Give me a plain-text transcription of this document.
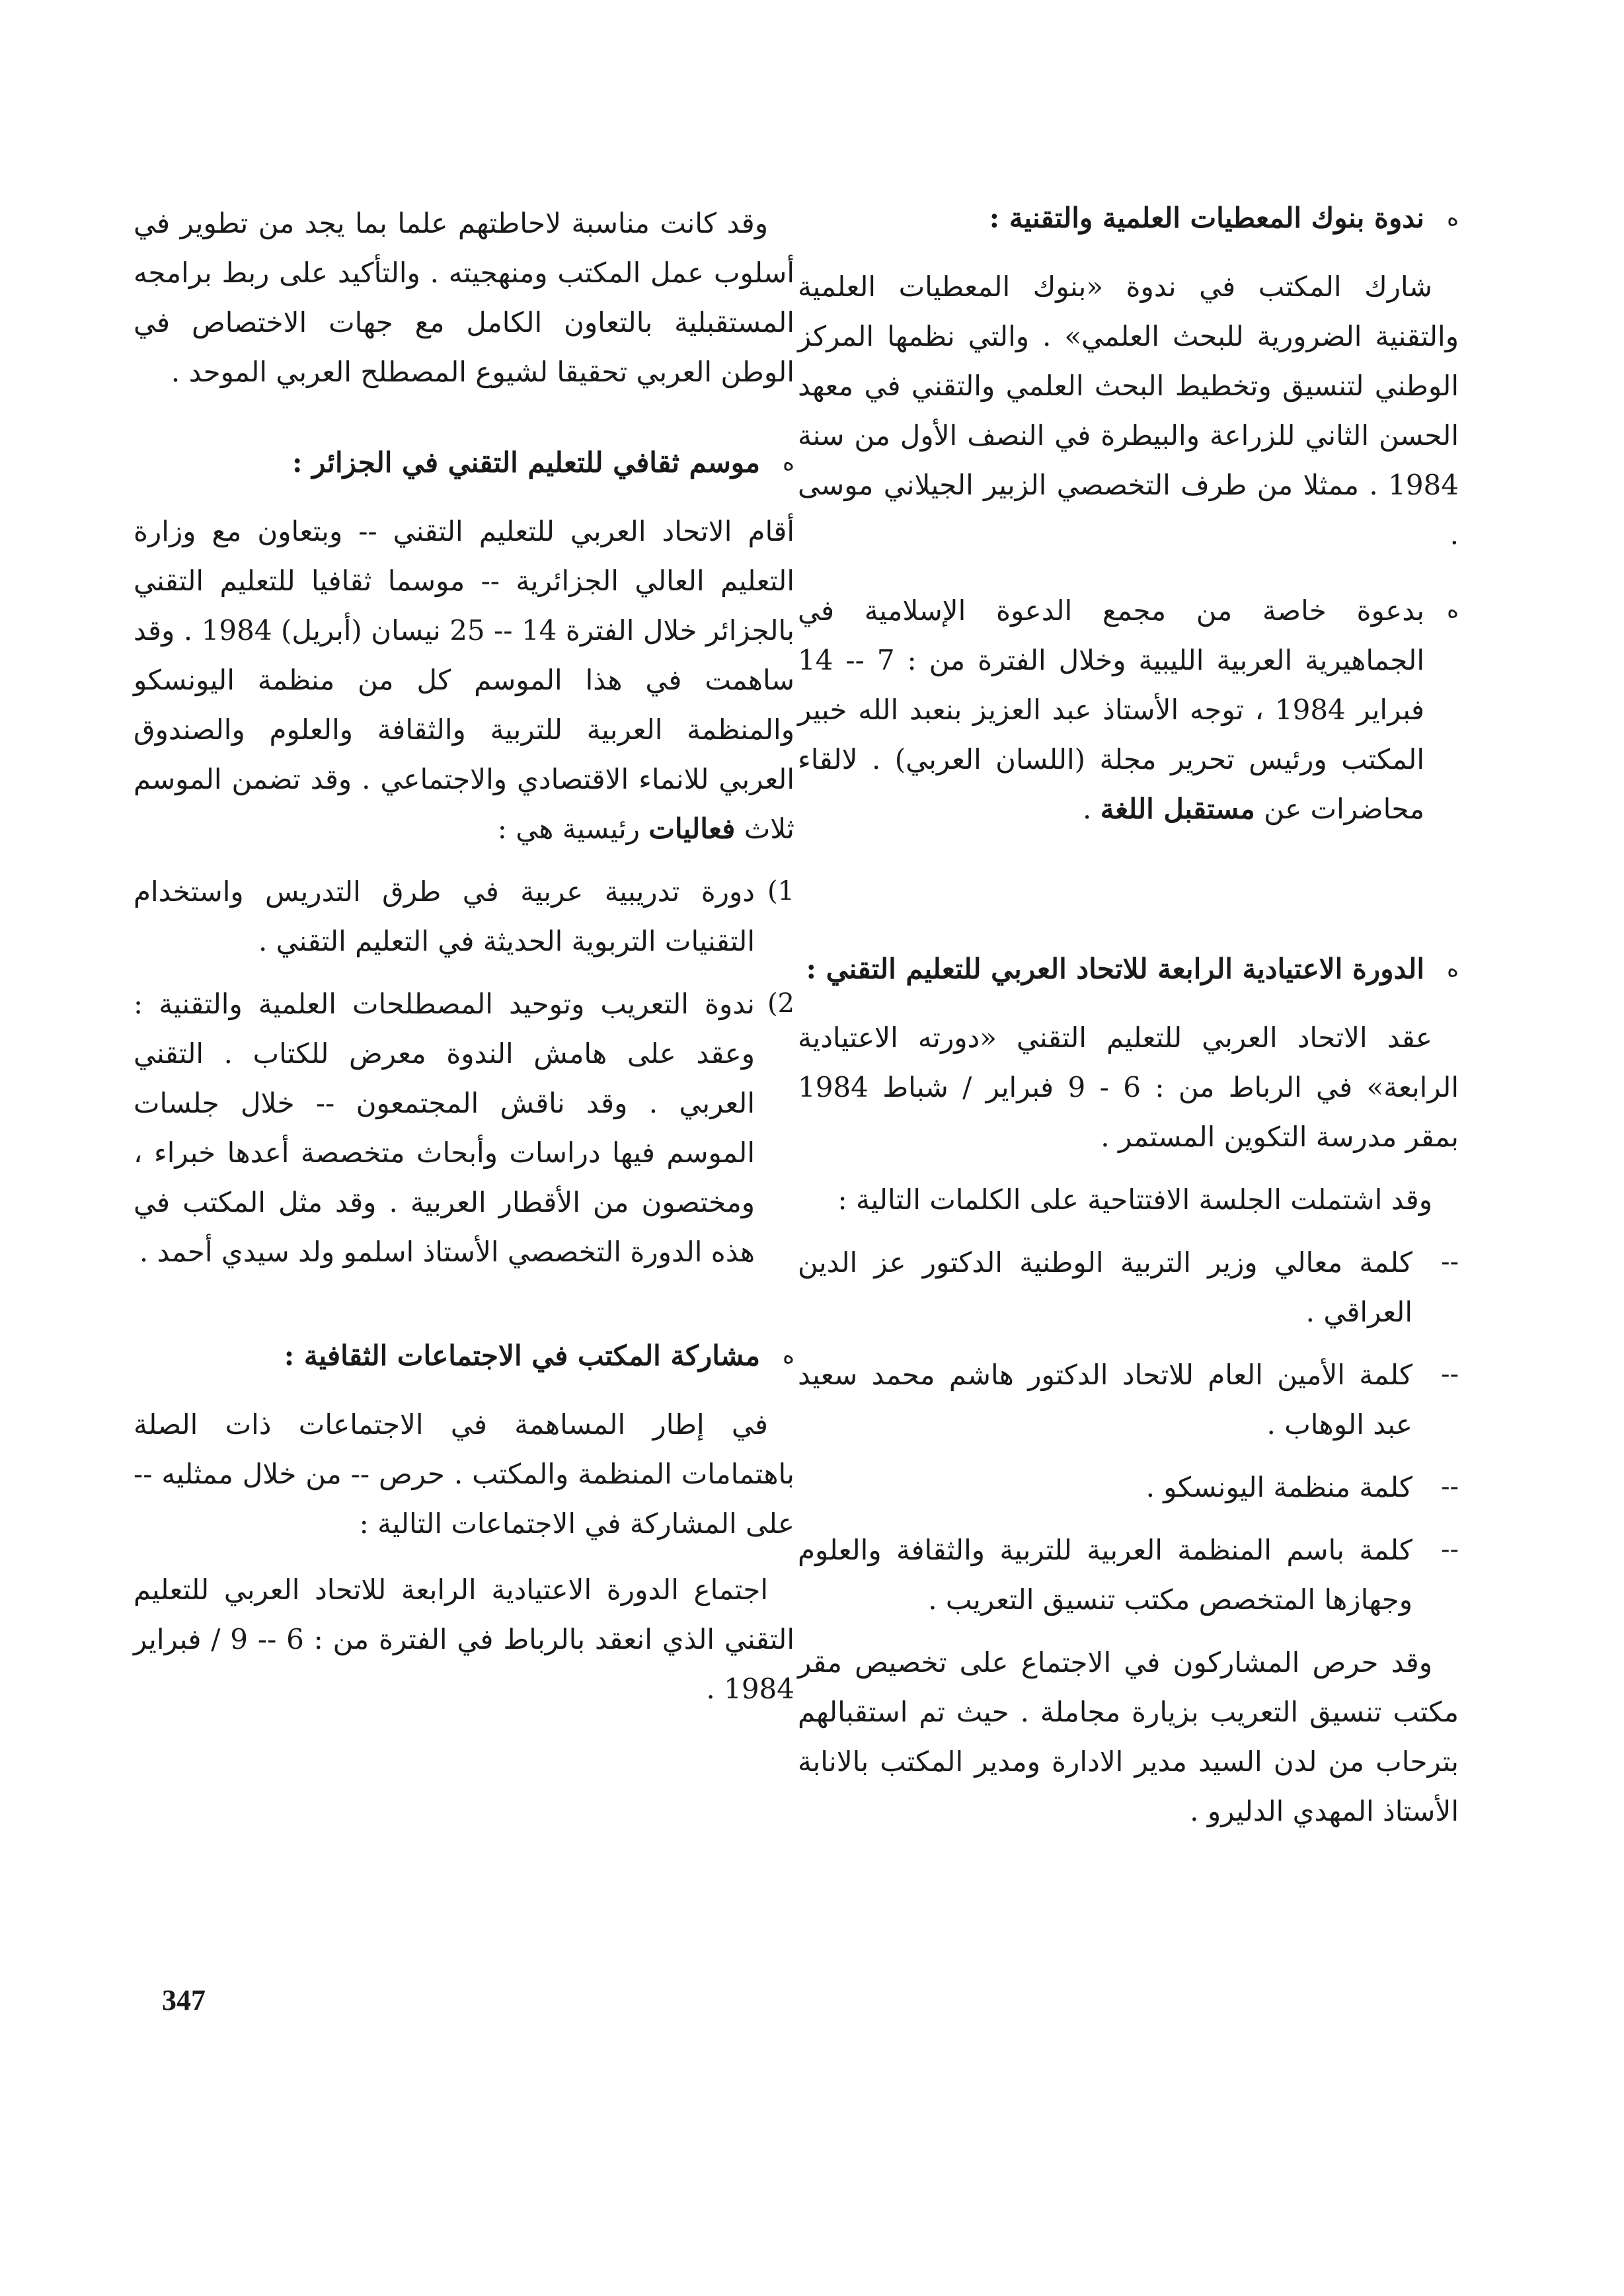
ه
ندوة بنوك المعطيات العلمية والتقنية :

شارك المكتب في ندوة «بنوك المعطيات العلمية والتقنية الضرورية للبحث العلمي» . والتي نظمها المركز الوطني لتنسيق وتخطيط البحث العلمي والتقني في معهد الحسن الثاني للزراعة والبيطرة في النصف الأول من سنة 1984 . ممثلا من طرف التخصصي الزبير الجيلاني موسى .

ه
بدعوة خاصة من مجمع الدعوة الإسلامية في الجماهيرية العربية الليبية وخلال الفترة من : 7 -- 14 فبراير 1984 ، توجه الأستاذ عبد العزيز بنعبد الله خبير المكتب ورئيس تحرير مجلة (اللسان العربي) . لالقاء محاضرات عن مستقبل اللغة .

ه
الدورة الاعتيادية الرابعة للاتحاد العربي للتعليم التقني :

عقد الاتحاد العربي للتعليم التقني «دورته الاعتيادية الرابعة» في الرباط من : 6 - 9 فبراير / شباط 1984 بمقر مدرسة التكوين المستمر .

وقد اشتملت الجلسة الافتتاحية على الكلمات التالية :

--
كلمة معالي وزير التربية الوطنية الدكتور عز الدين العراقي .

--
كلمة الأمين العام للاتحاد الدكتور هاشم محمد سعيد عبد الوهاب .

--
كلمة منظمة اليونسكو .

--
كلمة باسم المنظمة العربية للتربية والثقافة والعلوم وجهازها المتخصص مكتب تنسيق التعريب .

وقد حرص المشاركون في الاجتماع على تخصيص مقر مكتب تنسيق التعريب بزيارة مجاملة . حيث تم استقبالهم بترحاب من لدن السيد مدير الادارة ومدير المكتب بالانابة الأستاذ المهدي الدليرو .

وقد كانت مناسبة لاحاطتهم علما بما يجد من تطوير في أسلوب عمل المكتب ومنهجيته . والتأكيد على ربط برامجه المستقبلية بالتعاون الكامل مع جهات الاختصاص في الوطن العربي تحقيقا لشيوع المصطلح العربي الموحد .

ه
موسم ثقافي للتعليم التقني في الجزائر :

أقام الاتحاد العربي للتعليم التقني -- وبتعاون مع وزارة التعليم العالي الجزائرية -- موسما ثقافيا للتعليم التقني بالجزائر خلال الفترة 14 -- 25 نيسان (أبريل) 1984 . وقد ساهمت في هذا الموسم كل من منظمة اليونسكو والمنظمة العربية للتربية والثقافة والعلوم والصندوق العربي للانماء الاقتصادي والاجتماعي . وقد تضمن الموسم ثلاث فعاليات رئيسية هي :

1)
دورة تدريبية عربية في طرق التدريس واستخدام التقنيات التربوية الحديثة في التعليم التقني .

2)
ندوة التعريب وتوحيد المصطلحات العلمية والتقنية : وعقد على هامش الندوة معرض للكتاب . التقني العربي . وقد ناقش المجتمعون -- خلال جلسات الموسم فيها دراسات وأبحاث متخصصة أعدها خبراء ، ومختصون من الأقطار العربية . وقد مثل المكتب في هذه الدورة التخصصي الأستاذ اسلمو ولد سيدي أحمد .

ه
مشاركة المكتب في الاجتماعات الثقافية :

في إطار المساهمة في الاجتماعات ذات الصلة باهتمامات المنظمة والمكتب . حرص -- من خلال ممثليه -- على المشاركة في الاجتماعات التالية :

اجتماع الدورة الاعتيادية الرابعة للاتحاد العربي للتعليم التقني الذي انعقد بالرباط في الفترة من : 6 -- 9 / فبراير 1984 .

347
